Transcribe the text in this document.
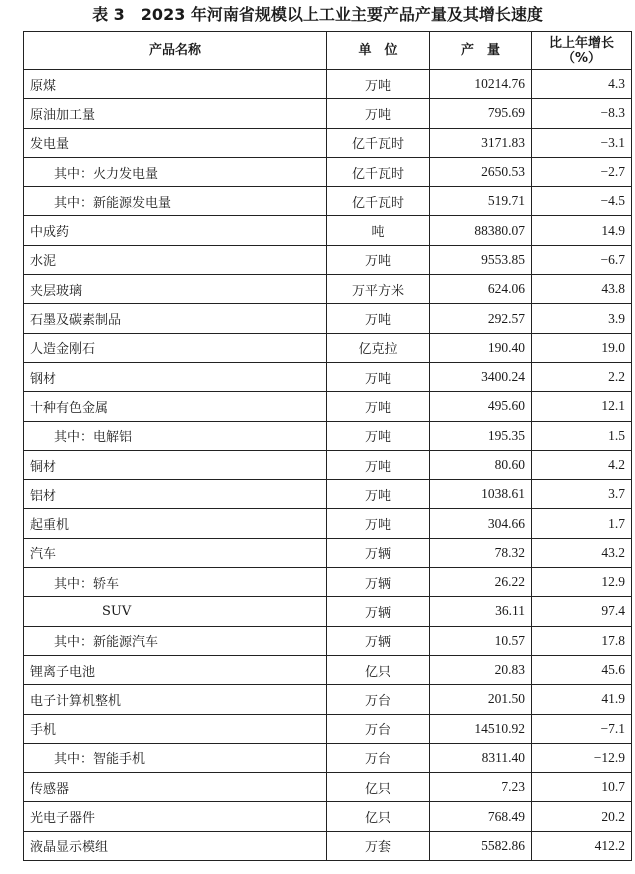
表 3　2023 年河南省规模以上工业主要产品产量及其增长速度
产品名称	单　位	产　量	比上年增长
（%）
原煤	万吨	10214.76	4.3
原油加工量	万吨	795.69	−8.3
发电量	亿千瓦时	3171.83	−3.1
其中：火力发电量	亿千瓦时	2650.53	−2.7
其中：新能源发电量	亿千瓦时	519.71	−4.5
中成药	吨	88380.07	14.9
水泥	万吨	9553.85	−6.7
夹层玻璃	万平方米	624.06	43.8
石墨及碳素制品	万吨	292.57	3.9
人造金刚石	亿克拉	190.40	19.0
钢材	万吨	3400.24	2.2
十种有色金属	万吨	495.60	12.1
其中：电解铝	万吨	195.35	1.5
铜材	万吨	80.60	4.2
铝材	万吨	1038.61	3.7
起重机	万吨	304.66	1.7
汽车	万辆	78.32	43.2
其中：轿车	万辆	26.22	12.9
SUV	万辆	36.11	97.4
其中：新能源汽车	万辆	10.57	17.8
锂离子电池	亿只	20.83	45.6
电子计算机整机	万台	201.50	41.9
手机	万台	14510.92	−7.1
其中：智能手机	万台	8311.40	−12.9
传感器	亿只	7.23	10.7
光电子器件	亿只	768.49	20.2
液晶显示模组	万套	5582.86	412.2
